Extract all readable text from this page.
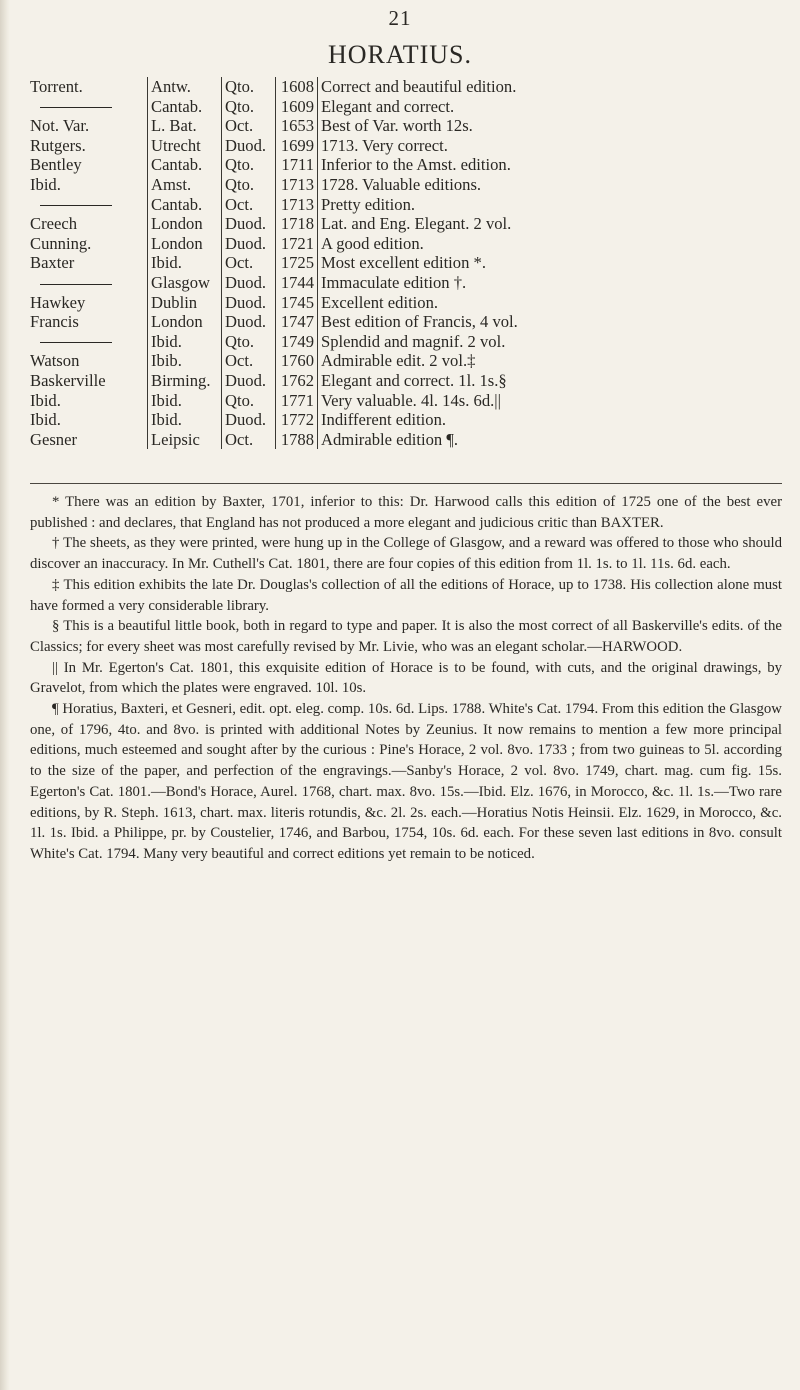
21
HORATIUS.
Torrent.	Antw.	Qto.	1608	Correct and beautiful edition.
	Cantab.	Qto.	1609	Elegant and correct.
Not. Var.	L. Bat.	Oct.	1653	Best of Var. worth 12s.
Rutgers.	Utrecht	Duod.	1699	1713. Very correct.
Bentley	Cantab.	Qto.	1711	Inferior to the Amst. edition.
Ibid.	Amst.	Qto.	1713	1728. Valuable editions.
	Cantab.	Oct.	1713	Pretty edition.
Creech	London	Duod.	1718	Lat. and Eng. Elegant. 2 vol.
Cunning.	London	Duod.	1721	A good edition.
Baxter	Ibid.	Oct.	1725	Most excellent edition *.
	Glasgow	Duod.	1744	Immaculate edition †.
Hawkey	Dublin	Duod.	1745	Excellent edition.
Francis	London	Duod.	1747	Best edition of Francis, 4 vol.
	Ibid.	Qto.	1749	Splendid and magnif. 2 vol.
Watson	Ibib.	Oct.	1760	Admirable edit. 2 vol.‡
Baskerville	Birming.	Duod.	1762	Elegant and correct. 1l. 1s.§
Ibid.	Ibid.	Qto.	1771	Very valuable. 4l. 14s. 6d.||
Ibid.	Ibid.	Duod.	1772	Indifferent edition.
Gesner	Leipsic	Oct.	1788	Admirable edition ¶.

* There was an edition by Baxter, 1701, inferior to this: Dr. Harwood calls this edition of 1725 one of the best ever published : and declares, that England has not produced a more elegant and judicious critic than BAXTER.

† The sheets, as they were printed, were hung up in the College of Glasgow, and a reward was offered to those who should discover an inaccuracy. In Mr. Cuthell's Cat. 1801, there are four copies of this edition from 1l. 1s. to 1l. 11s. 6d. each.

‡ This edition exhibits the late Dr. Douglas's collection of all the editions of Horace, up to 1738. His collection alone must have formed a very considerable library.

§ This is a beautiful little book, both in regard to type and paper. It is also the most correct of all Baskerville's edits. of the Classics; for every sheet was most carefully revised by Mr. Livie, who was an elegant scholar.—HARWOOD.

|| In Mr. Egerton's Cat. 1801, this exquisite edition of Horace is to be found, with cuts, and the original drawings, by Gravelot, from which the plates were engraved. 10l. 10s.

¶ Horatius, Baxteri, et Gesneri, edit. opt. eleg. comp. 10s. 6d. Lips. 1788. White's Cat. 1794. From this edition the Glasgow one, of 1796, 4to. and 8vo. is printed with additional Notes by Zeunius. It now remains to mention a few more principal editions, much esteemed and sought after by the curious : Pine's Horace, 2 vol. 8vo. 1733 ; from two guineas to 5l. according to the size of the paper, and perfection of the engravings.—Sanby's Horace, 2 vol. 8vo. 1749, chart. mag. cum fig. 15s. Egerton's Cat. 1801.—Bond's Horace, Aurel. 1768, chart. max. 8vo. 15s.—Ibid. Elz. 1676, in Morocco, &c. 1l. 1s.—Two rare editions, by R. Steph. 1613, chart. max. literis rotundis, &c. 2l. 2s. each.—Horatius Notis Heinsii. Elz. 1629, in Morocco, &c. 1l. 1s. Ibid. a Philippe, pr. by Coustelier, 1746, and Barbou, 1754, 10s. 6d. each. For these seven last editions in 8vo. consult White's Cat. 1794. Many very beautiful and correct editions yet remain to be noticed.
